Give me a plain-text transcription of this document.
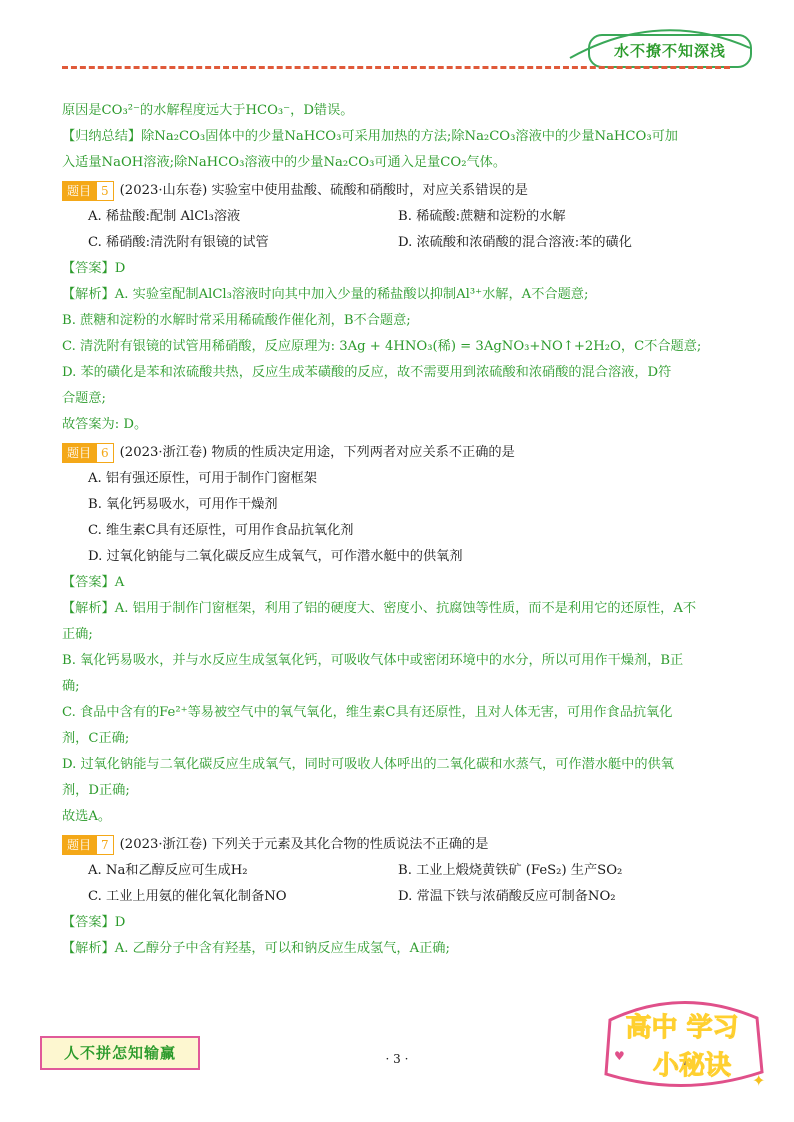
水不撩不知深浅
原因是CO₃²⁻的水解程度远大于HCO₃⁻，D错误。
【归纳总结】除Na₂CO₃固体中的少量NaHCO₃可采用加热的方法;除Na₂CO₃溶液中的少量NaHCO₃可加
入适量NaOH溶液;除NaHCO₃溶液中的少量Na₂CO₃可通入足量CO₂气体。
题目 5 (2023·山东卷) 实验室中使用盐酸、硫酸和硝酸时，对应关系错误的是
A. 稀盐酸:配制 AlCl₃溶液	B. 稀硫酸:蔗糖和淀粉的水解
C. 稀硝酸:清洗附有银镜的试管	D. 浓硫酸和浓硝酸的混合溶液:苯的磺化
【答案】D
【解析】A. 实验室配制AlCl₃溶液时向其中加入少量的稀盐酸以抑制Al³⁺水解，A不合题意;
B. 蔗糖和淀粉的水解时常采用稀硫酸作催化剂，B不合题意;
C. 清洗附有银镜的试管用稀硝酸，反应原理为: 3Ag + 4HNO₃(稀) = 3AgNO₃+NO↑+2H₂O，C不合题意;
D. 苯的磺化是苯和浓硫酸共热，反应生成苯磺酸的反应，故不需要用到浓硫酸和浓硝酸的混合溶液，D符
合题意;
故答案为: D。
题目 6 (2023·浙江卷) 物质的性质决定用途，下列两者对应关系不正确的是
A. 铝有强还原性，可用于制作门窗框架
B. 氧化钙易吸水，可用作干燥剂
C. 维生素C具有还原性，可用作食品抗氧化剂
D. 过氧化钠能与二氧化碳反应生成氧气，可作潜水艇中的供氧剂
【答案】A
【解析】A. 铝用于制作门窗框架，利用了铝的硬度大、密度小、抗腐蚀等性质，而不是利用它的还原性，A不
正确;
B. 氧化钙易吸水，并与水反应生成氢氧化钙，可吸收气体中或密闭环境中的水分，所以可用作干燥剂，B正
确;
C. 食品中含有的Fe²⁺等易被空气中的氧气氧化，维生素C具有还原性，且对人体无害，可用作食品抗氧化
剂，C正确;
D. 过氧化钠能与二氧化碳反应生成氧气，同时可吸收人体呼出的二氧化碳和水蒸气，可作潜水艇中的供氧
剂，D正确;
故选A。
题目 7 (2023·浙江卷) 下列关于元素及其化合物的性质说法不正确的是
A. Na和乙醇反应可生成H₂	B. 工业上煅烧黄铁矿 (FeS₂) 生产SO₂
C. 工业上用氨的催化氧化制备NO	D. 常温下铁与浓硝酸反应可制备NO₂
【答案】D
【解析】A. 乙醇分子中含有羟基，可以和钠反应生成氢气，A正确;
人不拼怎知输赢	· 3 ·
高中 学习
小秘诀 ✦
♥
